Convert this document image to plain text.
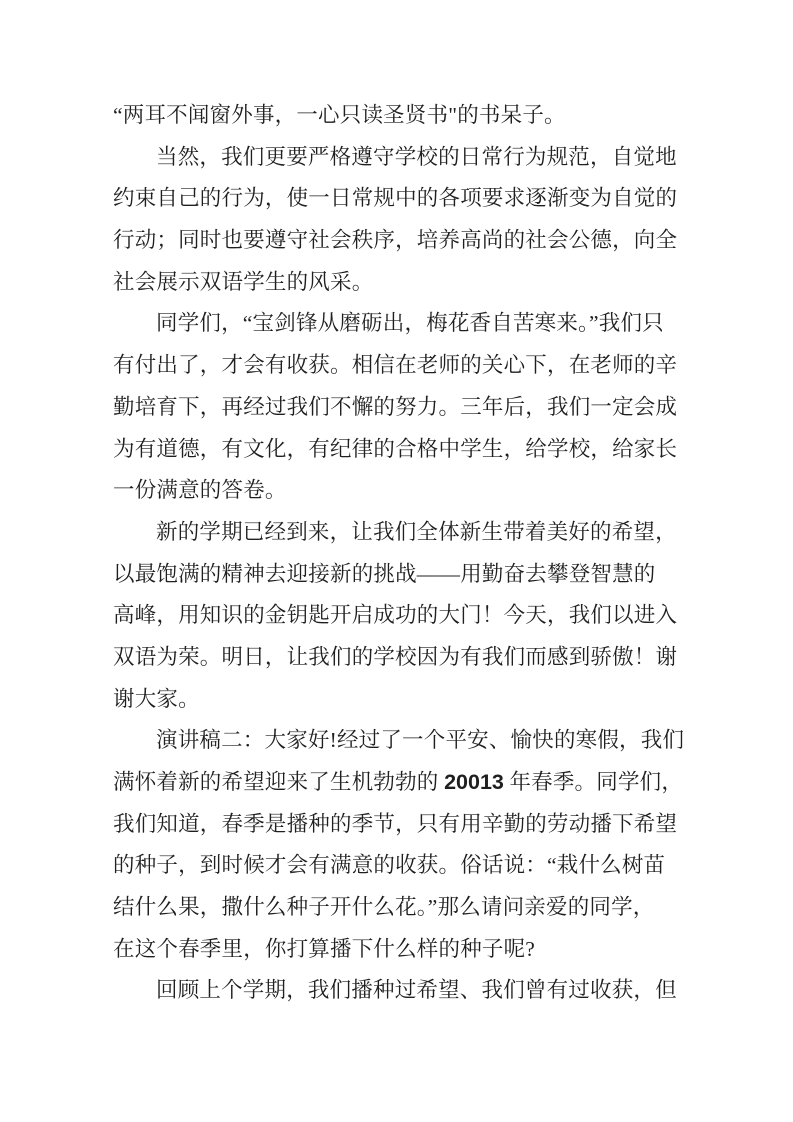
“两耳不闻窗外事，一心只读圣贤书"的书呆子。
当然，我们更要严格遵守学校的日常行为规范，自觉地
约束自己的行为，使一日常规中的各项要求逐渐变为自觉的
行动；同时也要遵守社会秩序，培养高尚的社会公德，向全
社会展示双语学生的风采。
同学们，“宝剑锋从磨砺出，梅花香自苦寒来。”我们只
有付出了，才会有收获。相信在老师的关心下，在老师的辛
勤培育下，再经过我们不懈的努力。三年后，我们一定会成
为有道德，有文化，有纪律的合格中学生，给学校，给家长
一份满意的答卷。
新的学期已经到来，让我们全体新生带着美好的希望，
以最饱满的精神去迎接新的挑战——用勤奋去攀登智慧的
高峰，用知识的金钥匙开启成功的大门！今天，我们以进入
双语为荣。明日，让我们的学校因为有我们而感到骄傲！谢
谢大家。
演讲稿二：大家好!经过了一个平安、愉快的寒假，我们
满怀着新的希望迎来了生机勃勃的 20013 年春季。同学们，
我们知道，春季是播种的季节，只有用辛勤的劳动播下希望
的种子，到时候才会有满意的收获。俗话说：“栽什么树苗
结什么果，撒什么种子开什么花。”那么请问亲爱的同学，
在这个春季里，你打算播下什么样的种子呢?
回顾上个学期，我们播种过希望、我们曾有过收获，但
